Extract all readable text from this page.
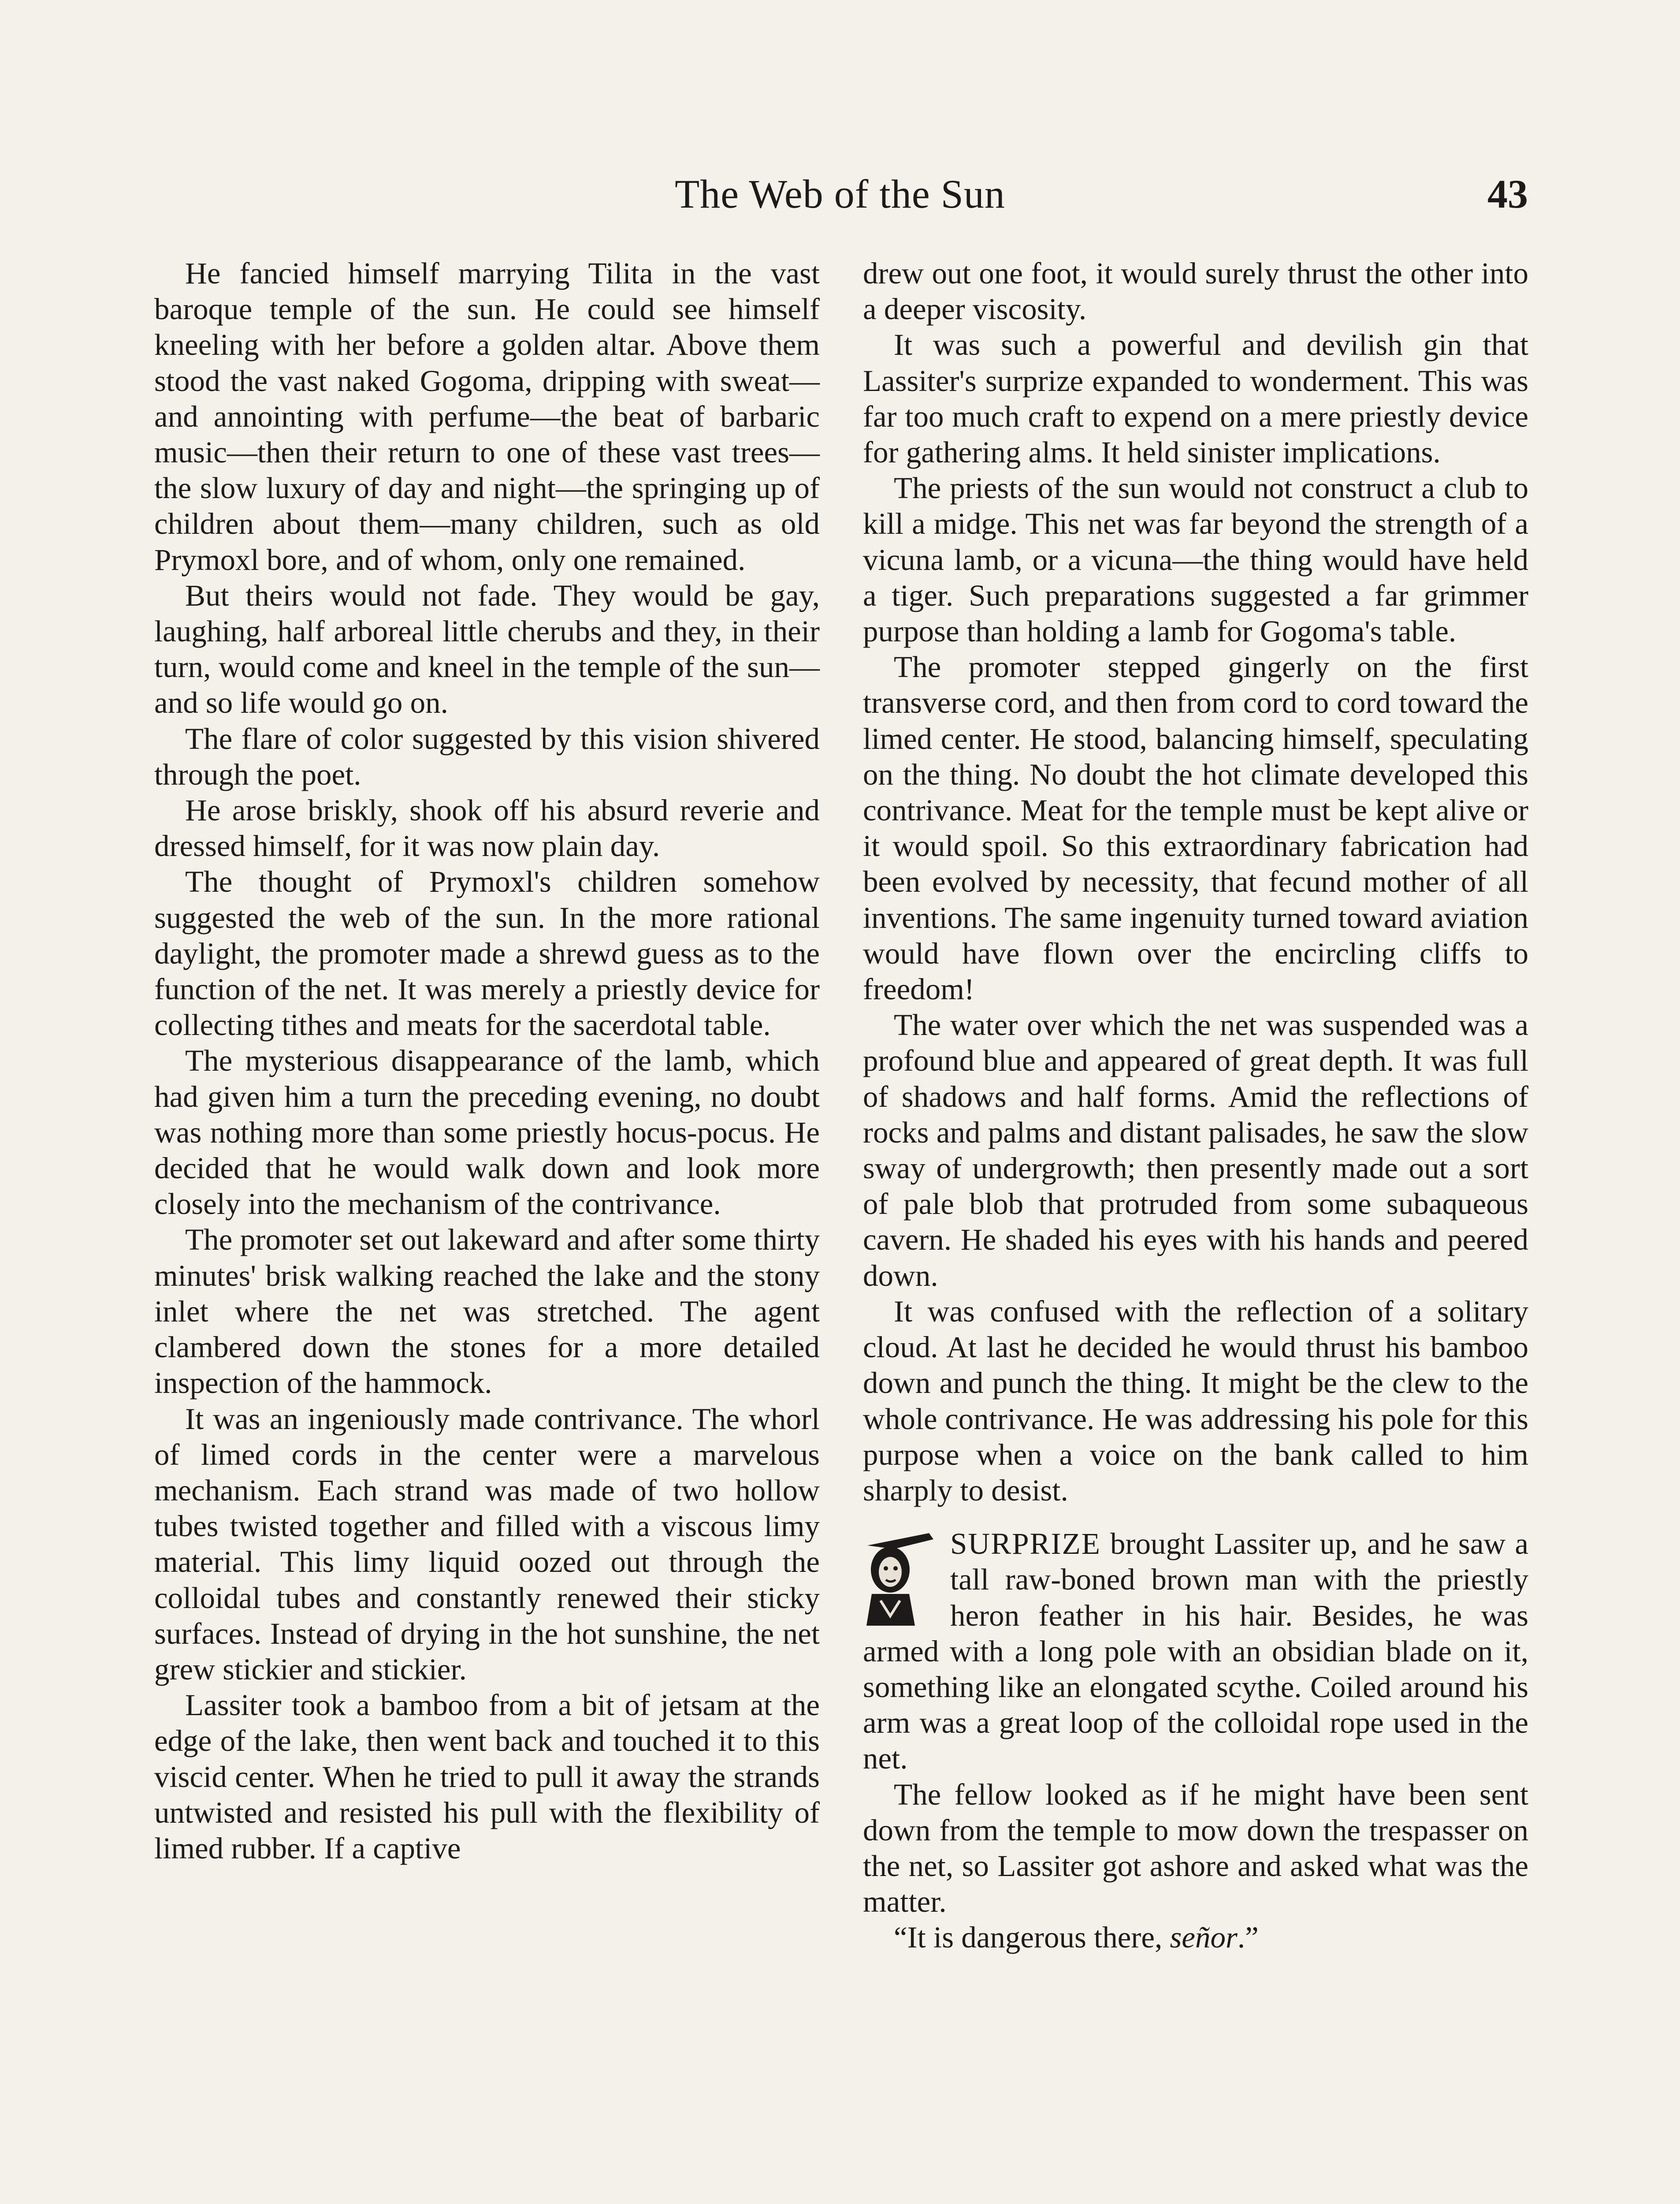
The Web of the Sun	43

He fancied himself marrying Tilita in the vast baroque temple of the sun. He could see himself kneeling with her before a golden altar. Above them stood the vast naked Gogoma, dripping with sweat—and annointing with perfume—the beat of barbaric music—then their return to one of these vast trees—the slow luxury of day and night—the springing up of children about them—many children, such as old Prymoxl bore, and of whom, only one remained.

But theirs would not fade. They would be gay, laughing, half arboreal little cherubs and they, in their turn, would come and kneel in the temple of the sun—and so life would go on.

The flare of color suggested by this vision shivered through the poet.

He arose briskly, shook off his absurd reverie and dressed himself, for it was now plain day.

The thought of Prymoxl's children somehow suggested the web of the sun. In the more rational daylight, the promoter made a shrewd guess as to the function of the net. It was merely a priestly device for collecting tithes and meats for the sacerdotal table.

The mysterious disappearance of the lamb, which had given him a turn the preceding evening, no doubt was nothing more than some priestly hocus-pocus. He decided that he would walk down and look more closely into the mechanism of the contrivance.

The promoter set out lakeward and after some thirty minutes' brisk walking reached the lake and the stony inlet where the net was stretched. The agent clambered down the stones for a more detailed inspection of the hammock.

It was an ingeniously made contrivance. The whorl of limed cords in the center were a marvelous mechanism. Each strand was made of two hollow tubes twisted together and filled with a viscous limy material. This limy liquid oozed out through the colloidal tubes and constantly renewed their sticky surfaces. Instead of drying in the hot sunshine, the net grew stickier and stickier.

Lassiter took a bamboo from a bit of jetsam at the edge of the lake, then went back and touched it to this viscid center. When he tried to pull it away the strands untwisted and resisted his pull with the flexibility of limed rubber. If a captive

drew out one foot, it would surely thrust the other into a deeper viscosity.

It was such a powerful and devilish gin that Lassiter's surprize expanded to wonderment. This was far too much craft to expend on a mere priestly device for gathering alms. It held sinister implications.

The priests of the sun would not construct a club to kill a midge. This net was far beyond the strength of a vicuna lamb, or a vicuna—the thing would have held a tiger. Such preparations suggested a far grimmer purpose than holding a lamb for Gogoma's table.

The promoter stepped gingerly on the first transverse cord, and then from cord to cord toward the limed center. He stood, balancing himself, speculating on the thing. No doubt the hot climate developed this contrivance. Meat for the temple must be kept alive or it would spoil. So this extraordinary fabrication had been evolved by necessity, that fecund mother of all inventions. The same ingenuity turned toward aviation would have flown over the encircling cliffs to freedom!

The water over which the net was suspended was a profound blue and appeared of great depth. It was full of shadows and half forms. Amid the reflections of rocks and palms and distant palisades, he saw the slow sway of undergrowth; then presently made out a sort of pale blob that protruded from some subaqueous cavern. He shaded his eyes with his hands and peered down.

It was confused with the reflection of a solitary cloud. At last he decided he would thrust his bamboo down and punch the thing. It might be the clew to the whole contrivance. He was addressing his pole for this purpose when a voice on the bank called to him sharply to desist.

SURPRIZE brought Lassiter up, and he saw a tall raw-boned brown man with the priestly heron feather in his hair. Besides, he was armed with a long pole with an obsidian blade on it, something like an elongated scythe. Coiled around his arm was a great loop of the colloidal rope used in the net.

The fellow looked as if he might have been sent down from the temple to mow down the trespasser on the net, so Lassiter got ashore and asked what was the matter.

“It is dangerous there, señor.”
